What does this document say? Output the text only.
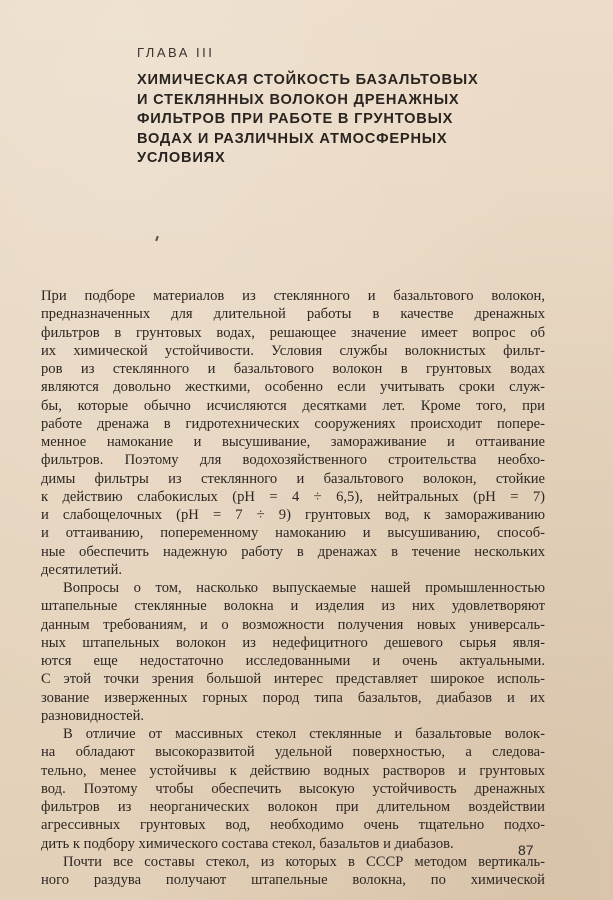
ГЛАВА III
ХИМИЧЕСКАЯ СТОЙКОСТЬ БАЗАЛЬТОВЫХ
И СТЕКЛЯННЫХ ВОЛОКОН ДРЕНАЖНЫХ
ФИЛЬТРОВ ПРИ РАБОТЕ В ГРУНТОВЫХ
ВОДАХ И РАЗЛИЧНЫХ АТМОСФЕРНЫХ
УСЛОВИЯХ
При подборе материалов из стеклянного и базальтового волокон,
предназначенных для длительной работы в качестве дренажных
фильтров в грунтовых водах, решающее значение имеет вопрос об
их химической устойчивости. Условия службы волокнистых фильт-
ров из стеклянного и базальтового волокон в грунтовых водах
являются довольно жесткими, особенно если учитывать сроки служ-
бы, которые обычно исчисляются десятками лет. Кроме того, при
работе дренажа в гидротехнических сооружениях происходит попере-
менное намокание и высушивание, замораживание и оттаивание
фильтров. Поэтому для водохозяйственного строительства необхо-
димы фильтры из стеклянного и базальтового волокон, стойкие
к действию слабокислых (pH = 4 ÷ 6,5), нейтральных (pH = 7)
и слабощелочных (pH = 7 ÷ 9) грунтовых вод, к замораживанию
и оттаиванию, попеременному намоканию и высушиванию, способ-
ные обеспечить надежную работу в дренажах в течение нескольких
десятилетий.
Вопросы о том, насколько выпускаемые нашей промышленностью
штапельные стеклянные волокна и изделия из них удовлетворяют
данным требованиям, и о возможности получения новых универсаль-
ных штапельных волокон из недефицитного дешевого сырья явля-
ются еще недостаточно исследованными и очень актуальными.
С этой точки зрения большой интерес представляет широкое исполь-
зование изверженных горных пород типа базальтов, диабазов и их
разновидностей.
В отличие от массивных стекол стеклянные и базальтовые волок-
на обладают высокоразвитой удельной поверхностью, а следова-
тельно, менее устойчивы к действию водных растворов и грунтовых
вод. Поэтому чтобы обеспечить высокую устойчивость дренажных
фильтров из неорганических волокон при длительном воздействии
агрессивных грунтовых вод, необходимо очень тщательно подхо-
дить к подбору химического состава стекол, базальтов и диабазов.
Почти все составы стекол, из которых в СССР методом вертикаль-
ного раздува получают штапельные волокна, по химической
87
